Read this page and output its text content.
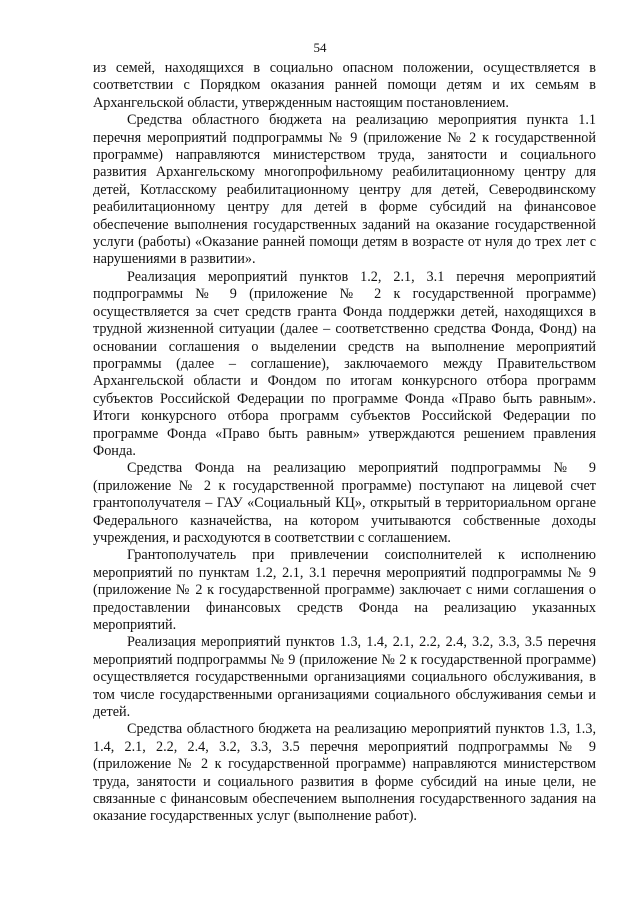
54

из семей, находящихся в социально опасном положении, осуществляется в соответствии с Порядком оказания ранней помощи детям и их семьям в Архангельской области, утвержденным настоящим постановлением.

Средства областного бюджета на реализацию мероприятия пункта 1.1 перечня мероприятий подпрограммы № 9 (приложение № 2 к государственной программе) направляются министерством труда, занятости и социального развития Архангельскому многопрофильному реабилитационному центру для детей, Котласскому реабилитационному центру для детей, Северодвинскому реабилитационному центру для детей в форме субсидий на финансовое обеспечение выполнения государственных заданий на оказание государственной услуги (работы) «Оказание ранней помощи детям в возрасте от нуля до трех лет с нарушениями в развитии».

Реализация мероприятий пунктов 1.2, 2.1, 3.1 перечня мероприятий подпрограммы № 9 (приложение № 2 к государственной программе) осуществляется за счет средств гранта Фонда поддержки детей, находящихся в трудной жизненной ситуации (далее – соответственно средства Фонда, Фонд) на основании соглашения о выделении средств на выполнение мероприятий программы (далее – соглашение), заключаемого между Правительством Архангельской области и Фондом по итогам конкурсного отбора программ субъектов Российской Федерации по программе Фонда «Право быть равным». Итоги конкурсного отбора программ субъектов Российской Федерации по программе Фонда «Право быть равным» утверждаются решением правления Фонда.

Средства Фонда на реализацию мероприятий подпрограммы № 9 (приложение № 2 к государственной программе) поступают на лицевой счет грантополучателя – ГАУ «Социальный КЦ», открытый в территориальном органе Федерального казначейства, на котором учитываются собственные доходы учреждения, и расходуются в соответствии с соглашением.

Грантополучатель при привлечении соисполнителей к исполнению мероприятий по пунктам 1.2, 2.1, 3.1 перечня мероприятий подпрограммы № 9 (приложение № 2 к государственной программе) заключает с ними соглашения о предоставлении финансовых средств Фонда на реализацию указанных мероприятий.

Реализация мероприятий пунктов 1.3, 1.4, 2.1, 2.2, 2.4, 3.2, 3.3, 3.5 перечня мероприятий подпрограммы № 9 (приложение № 2 к государственной программе) осуществляется государственными организациями социального обслуживания, в том числе государственными организациями социального обслуживания семьи и детей.

Средства областного бюджета на реализацию мероприятий пунктов 1.3, 1.3, 1.4, 2.1, 2.2, 2.4, 3.2, 3.3, 3.5 перечня мероприятий подпрограммы № 9 (приложение № 2 к государственной программе) направляются министерством труда, занятости и социального развития в форме субсидий на иные цели, не связанные с финансовым обеспечением выполнения государственного задания на оказание государственных услуг (выполнение работ).
